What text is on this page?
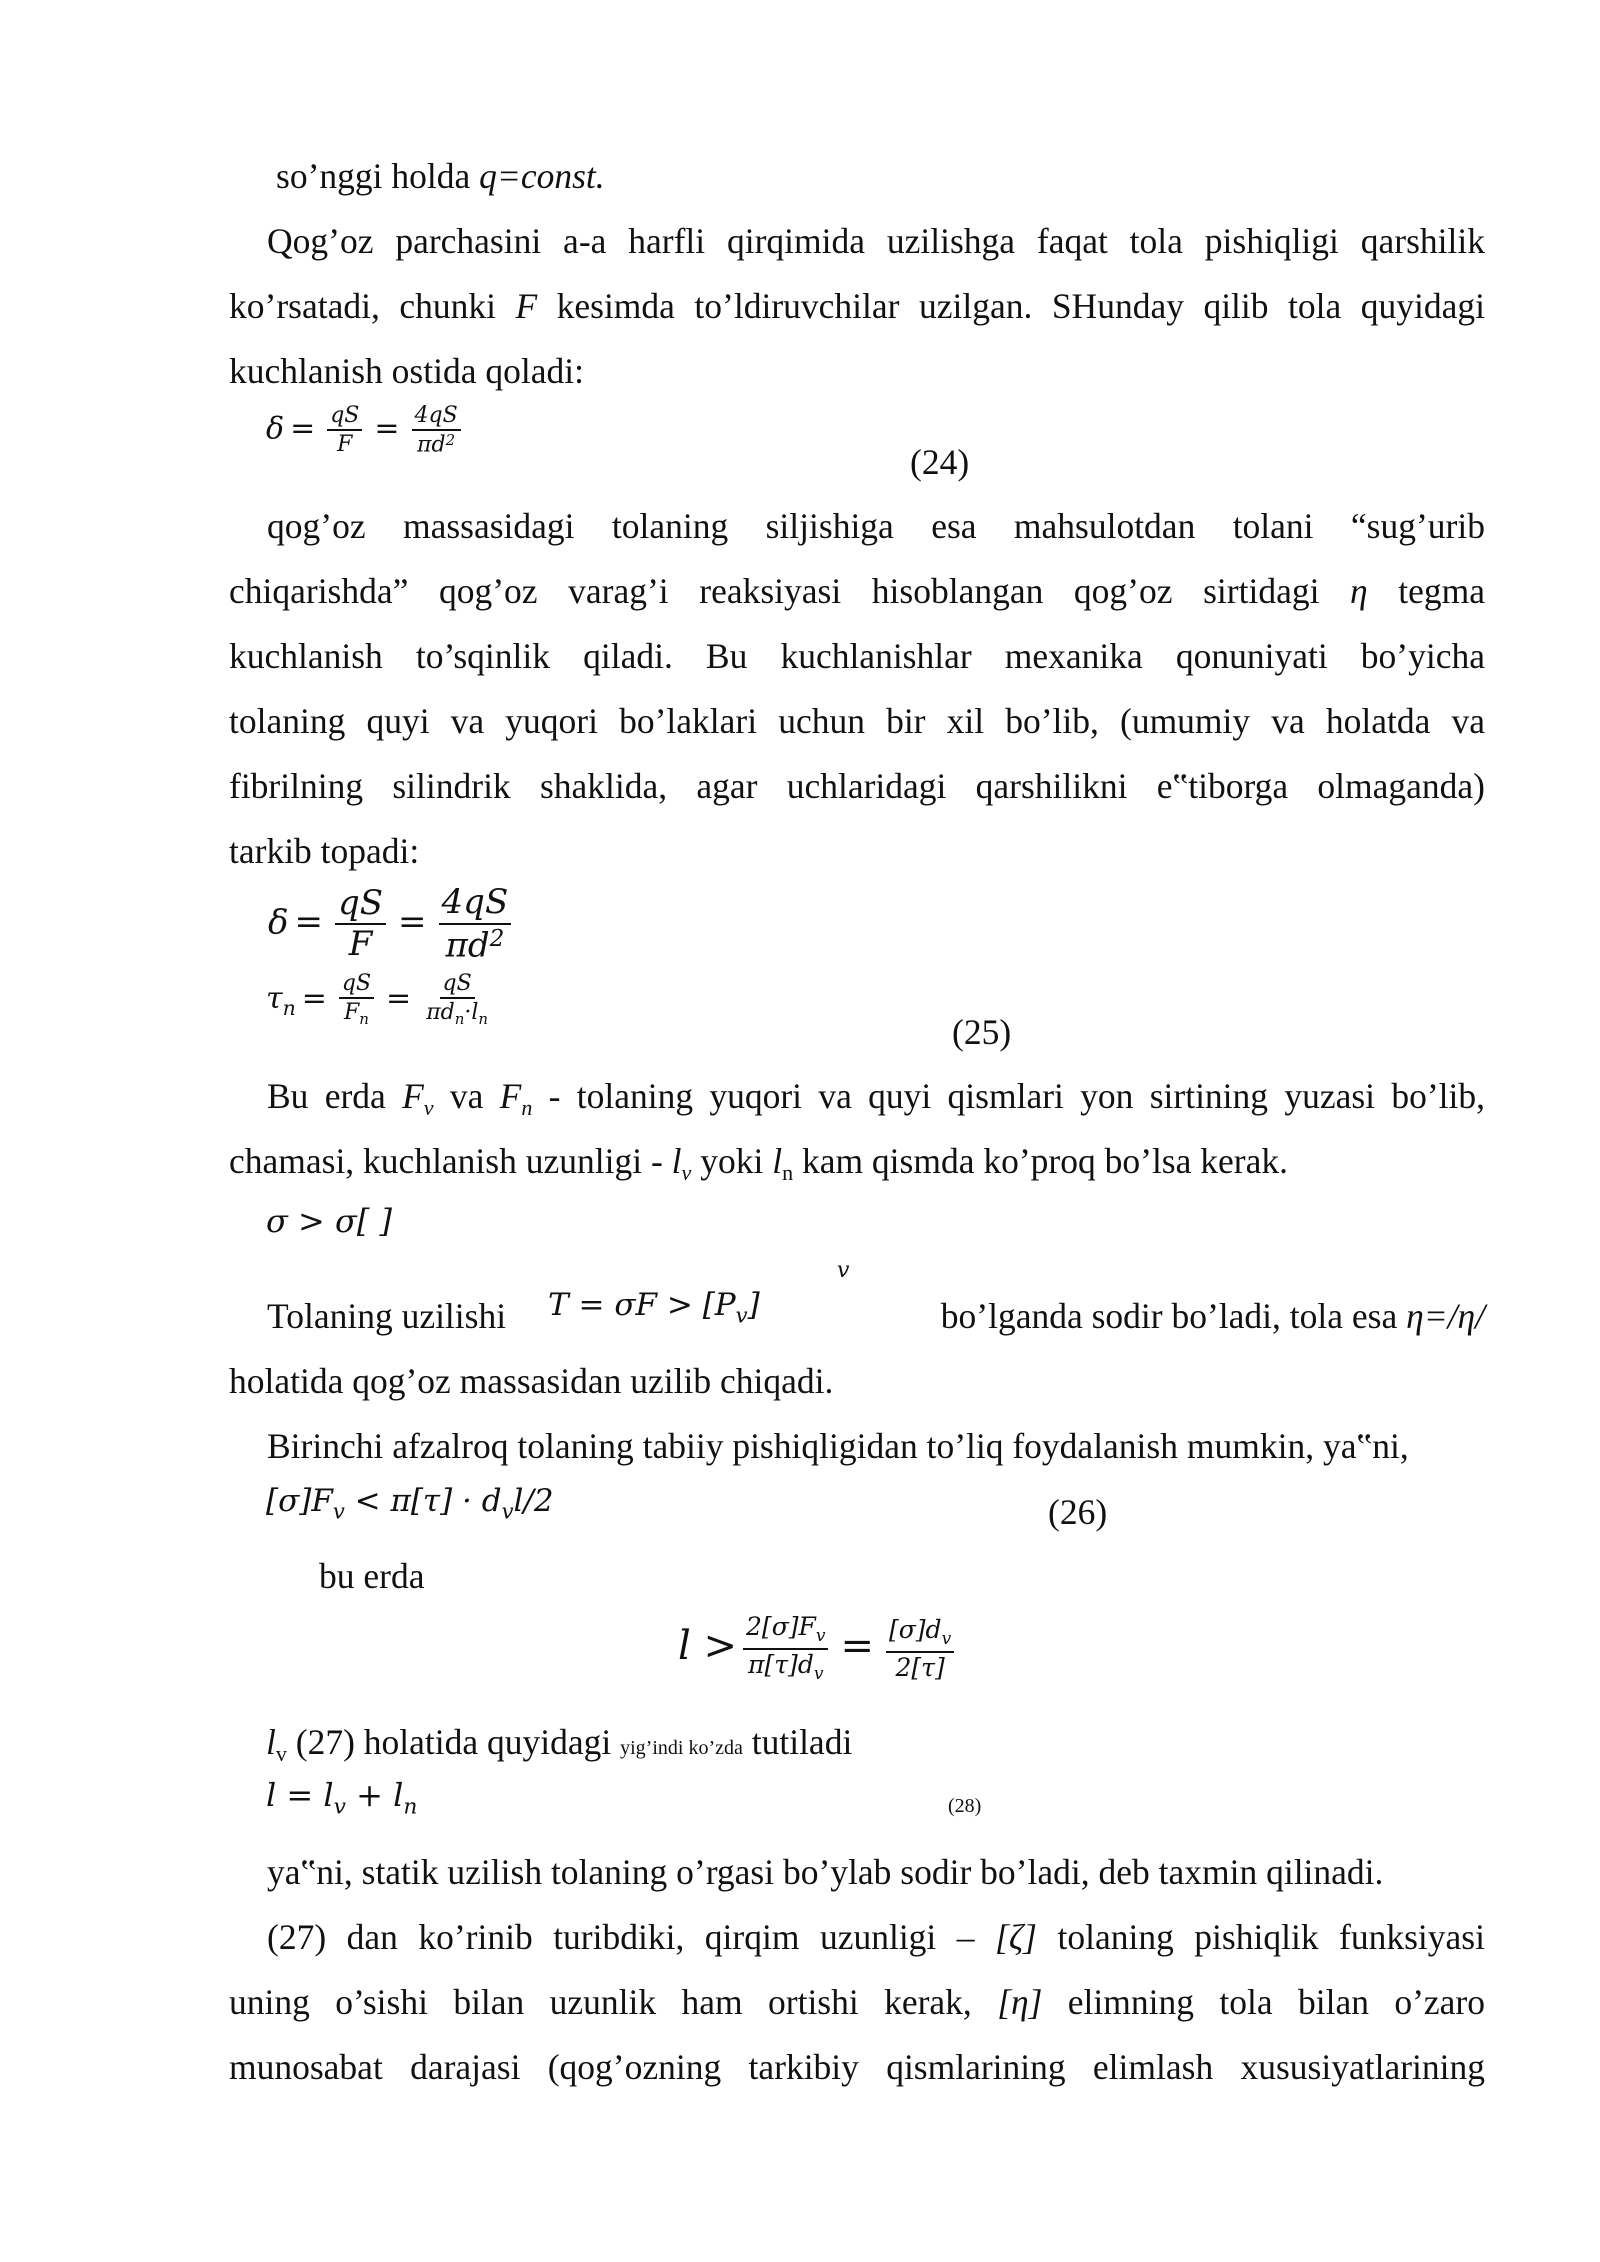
so’nggi holda q=const.
Qog’oz parchasini a-a harfli qirqimida uzilishga faqat tola pishiqligi qarshilik
ko’rsatadi, chunki F kesimda to’ldiruvchilar uzilgan. SHunday qilib tola quyidagi
kuchlanish ostida qoladi:
$\delta = \frac{qS}{F} = \frac{4qS}{\pi d^2}$
(24)
qog’oz massasidagi tolaning siljishiga esa mahsulotdan tolani “sug’urib
chiqarishda” qog’oz varag’i reaksiyasi hisoblangan qog’oz sirtidagi η tegma
kuchlanish to’sqinlik qiladi. Bu kuchlanishlar mexanika qonuniyati bo’yicha
tolaning quyi va yuqori bo’laklari uchun bir xil bo’lib, (umumiy va holatda va
fibrilning silindrik shaklida, agar uchlaridagi qarshilikni e‟tiborga olmaganda)
tarkib topadi:
$\delta = \frac{qS}{F} = \frac{4qS}{\pi d^2}$
$\tau_n = \frac{qS}{F_n} = \frac{qS}{\pi d_n\cdot l_n}$
(25)
Bu erda $F_v$ va $F_n$ - tolaning yuqori va quyi qismlari yon sirtining yuzasi bo’lib,
chamasi, kuchlanish uzunligi - $l_v$ yoki $l_n$ kam qismda ko’proq bo’lsa kerak.
σ > σ[ ]
v
Tolaning uzilishi	$T = \sigma F > [P_v]$	bo’lganda sodir bo’ladi, tola esa η=/η/
holatida qog’oz massasidan uzilib chiqadi.
Birinchi afzalroq tolaning tabiiy pishiqligidan to’liq foydalanish mumkin, ya‟ni,
$[\sigma]F_v < \pi[\tau] \cdot d_vl/2$	(26)
bu erda
$l > \frac{2[\sigma]F_v}{\pi[\tau]d_v} = \frac{[\sigma]d_v}{2[\tau]}$
$l_v$ (27) holatida quyidagi yig’indi ko’zda tutiladi
$l = l_v + l_n$	(28)
ya‟ni, statik uzilish tolaning o’rgasi bo’ylab sodir bo’ladi, deb taxmin qilinadi.
(27) dan ko’rinib turibdiki, qirqim uzunligi – [ζ] tolaning pishiqlik funksiyasi
uning o’sishi bilan uzunlik ham ortishi kerak, [η] elimning tola bilan o’zaro
munosabat darajasi (qog’ozning tarkibiy qismlarining elimlash xususiyatlarining
